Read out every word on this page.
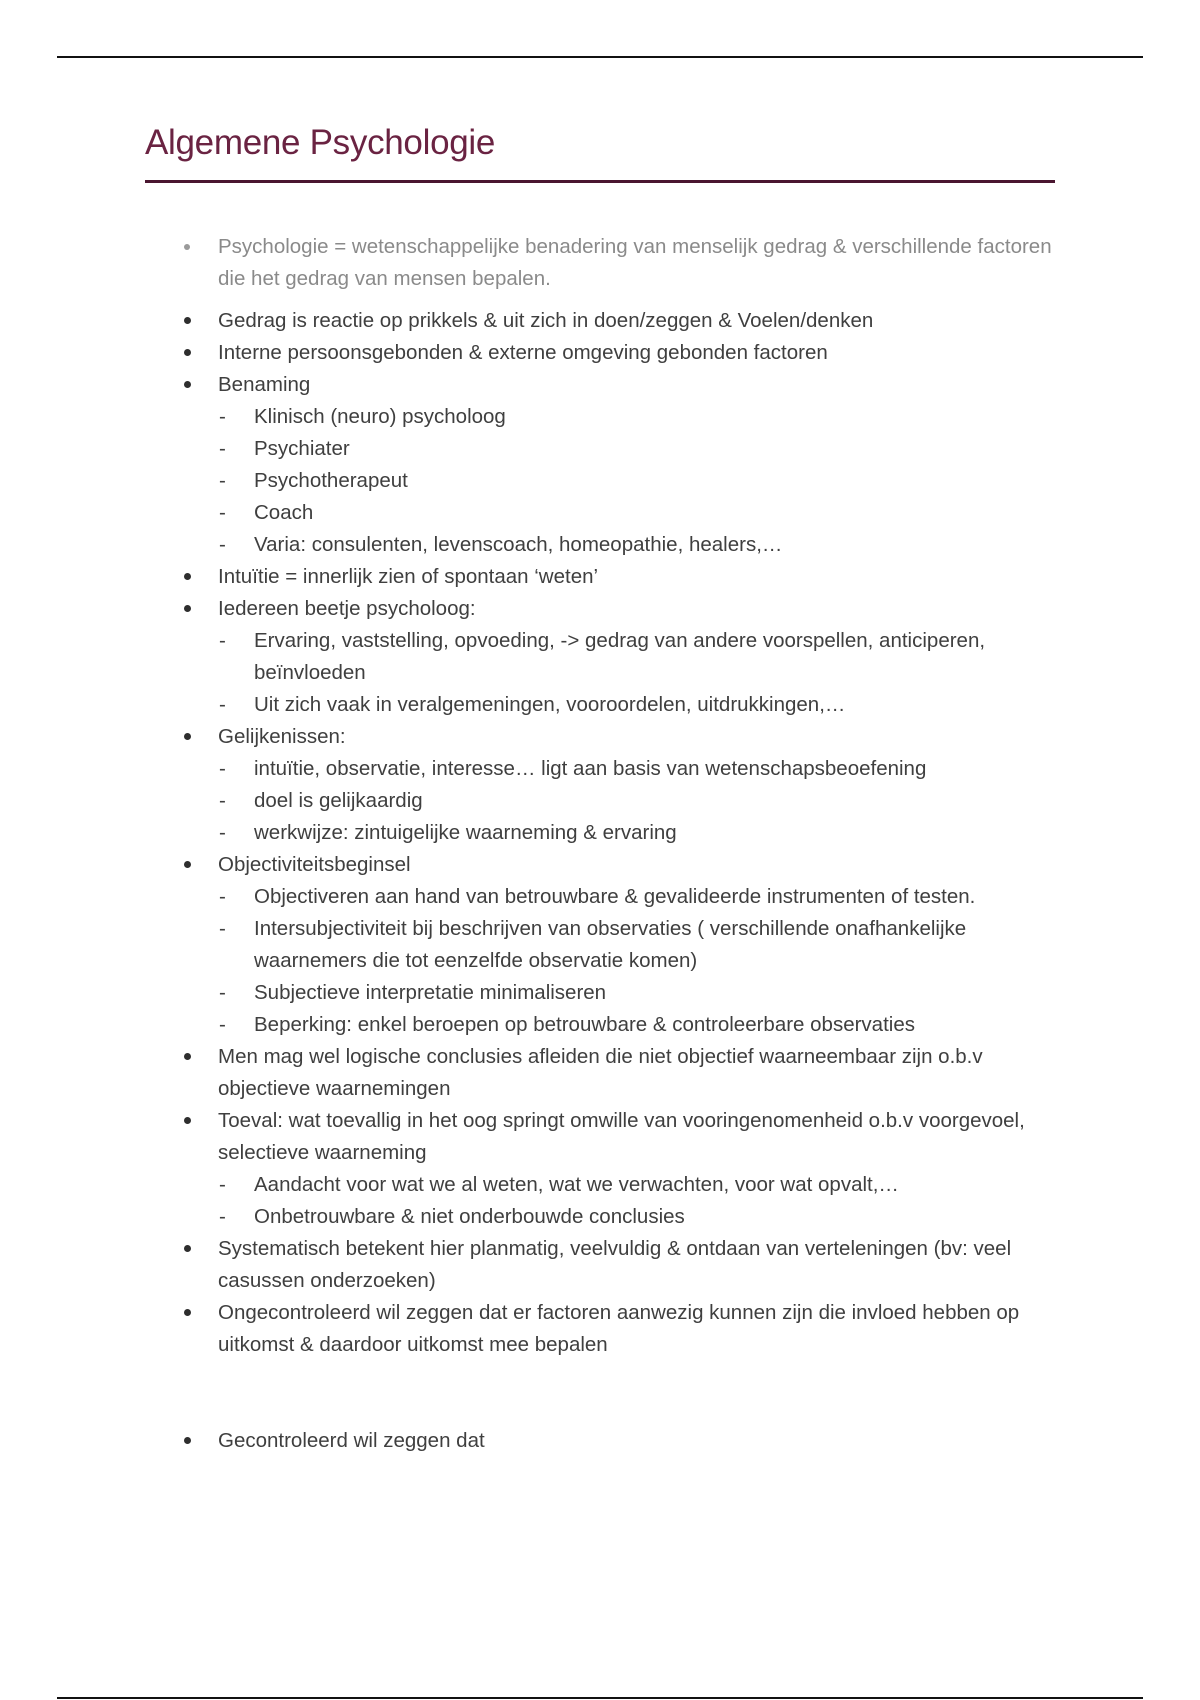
Algemene Psychologie
Psychologie = wetenschappelijke benadering van menselijk gedrag & verschillende factoren die het gedrag van mensen bepalen.
Gedrag is reactie op prikkels & uit zich in doen/zeggen & Voelen/denken
Interne persoonsgebonden & externe omgeving gebonden factoren
Benaming
- Klinisch (neuro) psycholoog
- Psychiater
- Psychotherapeut
- Coach
- Varia: consulenten, levenscoach, homeopathie, healers,…
Intuïtie = innerlijk zien of spontaan ‘weten’
Iedereen beetje psycholoog:
- Ervaring, vaststelling, opvoeding, -> gedrag van andere voorspellen, anticiperen, beïnvloeden
- Uit zich vaak in veralgemeningen, vooroordelen, uitdrukkingen,…
Gelijkenissen:
- intuïtie, observatie, interesse… ligt aan basis van wetenschapsbeoefening
- doel is gelijkaardig
- werkwijze: zintuigelijke waarneming & ervaring
Objectiviteitsbeginsel
- Objectiveren aan hand van betrouwbare & gevalideerde instrumenten of testen.
- Intersubjectiviteit bij beschrijven van observaties ( verschillende onafhankelijke waarnemers die tot eenzelfde observatie komen)
- Subjectieve interpretatie minimaliseren
- Beperking: enkel beroepen op betrouwbare & controleerbare observaties
Men mag wel logische conclusies afleiden die niet objectief waarneembaar zijn o.b.v objectieve waarnemingen
Toeval: wat toevallig in het oog springt omwille van vooringenomenheid o.b.v voorgevoel, selectieve waarneming
- Aandacht voor wat we al weten, wat we verwachten, voor wat opvalt,…
- Onbetrouwbare & niet onderbouwde conclusies
Systematisch betekent hier planmatig, veelvuldig & ontdaan van verteleningen (bv: veel casussen onderzoeken)
Ongecontroleerd wil zeggen dat er factoren aanwezig kunnen zijn die invloed hebben op uitkomst & daardoor uitkomst mee bepalen
Gecontroleerd wil zeggen dat
